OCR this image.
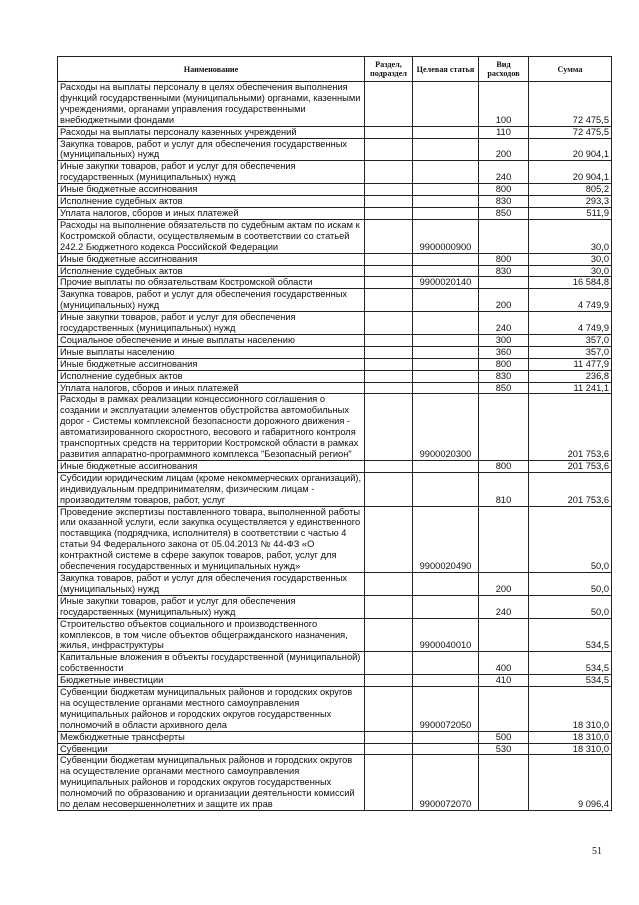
Наименование	Раздел, подраздел	Целевая статья	Вид расходов	Сумма
Расходы на выплаты персоналу в целях обеспечения выполнения функций государственными (муниципальными) органами, казенными учреждениями, органами управления государственными внебюджетными фондами			100	72 475,5
Расходы на выплаты персоналу казенных учреждений			110	72 475,5
Закупка товаров, работ и услуг для обеспечения государственных (муниципальных) нужд			200	20 904,1
Иные закупки товаров, работ и услуг для обеспечения государственных (муниципальных) нужд			240	20 904,1
Иные бюджетные ассигнования			800	805,2
Исполнение судебных актов			830	293,3
Уплата налогов, сборов и иных платежей			850	511,9
Расходы на выполнение обязательств по судебным актам по искам к Костромской области, осуществляемым в соответствии со статьей 242.2 Бюджетного кодекса Российской Федерации		9900000900		30,0
Иные бюджетные ассигнования			800	30,0
Исполнение судебных актов			830	30,0
Прочие выплаты по обязательствам Костромской области		9900020140		16 584,8
Закупка товаров, работ и услуг для обеспечения государственных (муниципальных) нужд			200	4 749,9
Иные закупки товаров, работ и услуг для обеспечения государственных (муниципальных) нужд			240	4 749,9
Социальное обеспечение и иные выплаты населению			300	357,0
Иные выплаты населению			360	357,0
Иные бюджетные ассигнования			800	11 477,9
Исполнение судебных актов			830	236,8
Уплата налогов, сборов и иных платежей			850	11 241,1
Расходы в рамках реализации концессионного соглашения о создании и эксплуатации элементов обустройства автомобильных дорог - Системы комплексной безопасности дорожного движения - автоматизированного скоростного, весового и габаритного контроля транспортных средств на территории Костромской области в рамках развития аппаратно-программного комплекса "Безопасный регион"		9900020300		201 753,6
Иные бюджетные ассигнования			800	201 753,6
Субсидии юридическим лицам (кроме некоммерческих организаций), индивидуальным предпринимателям, физическим лицам - производителям товаров, работ, услуг			810	201 753,6
Проведение экспертизы поставленного товара, выполненной работы или оказанной услуги, если закупка осуществляется у единственного поставщика (подрядчика, исполнителя) в соответствии с частью 4 статьи 94 Федерального закона от 05.04.2013 № 44-ФЗ «О контрактной системе в сфере закупок товаров, работ, услуг для обеспечения государственных и муниципальных нужд»		9900020490		50,0
Закупка товаров, работ и услуг для обеспечения государственных (муниципальных) нужд			200	50,0
Иные закупки товаров, работ и услуг для обеспечения государственных (муниципальных) нужд			240	50,0
Строительство объектов социального и производственного комплексов, в том числе объектов общегражданского назначения, жилья, инфраструктуры		9900040010		534,5
Капитальные вложения в объекты государственной (муниципальной) собственности			400	534,5
Бюджетные инвестиции			410	534,5
Субвенции бюджетам муниципальных районов и городских округов на осуществление органами местного самоуправления муниципальных районов и городских округов государственных полномочий в области архивного дела		9900072050		18 310,0
Межбюджетные трансферты			500	18 310,0
Субвенции			530	18 310,0
Субвенции бюджетам муниципальных районов и городских округов на осуществление органами местного самоуправления муниципальных районов и городских округов государственных полномочий по образованию и организации деятельности комиссий по делам несовершеннолетних и защите их прав		9900072070		9 096,4
51
